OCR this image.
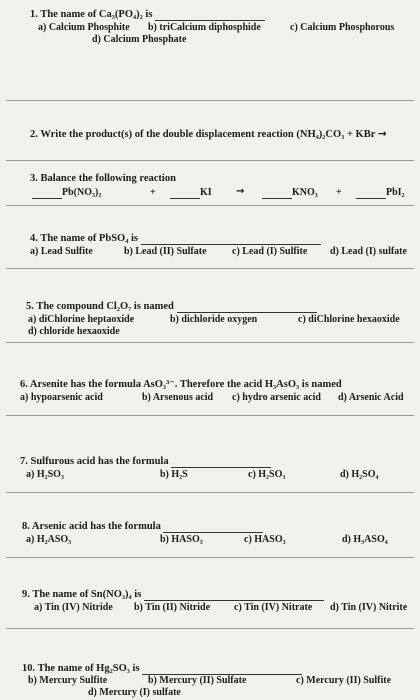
1. The name of Ca₃(PO₄)₂ is
a) Calcium Phosphite b) triCalcium diphosphide	c) Calcium Phosphorous
d) Calcium Phosphate
2. Write the product(s) of the double displacement reaction (NH₄)₂CO₃ + KBr →
3. Balance the following reaction
Pb(NO₃)₂	+	KI →	KNO₃ +	PbI₂
4. The name of PbSO₄ is
a) Lead Sulfite	b) Lead (II) Sulfate	c) Lead (I) Sulfite d) Lead (I) sulfate
5. The compound Cl₂O₇ is named
a) diChlorine heptaoxide	b) dichloride oxygen	c) diChlorine hexaoxide
d) chloride hexaoxide
6. Arsenite has the formula AsO₃³⁻. Therefore the acid H₃AsO₃ is named
a) hypoarsenic acid	b) Arsenous acid c) hydro arsenic acid d) Arsenic Acid
7. Sulfurous acid has the formula
a) H₂SO₃	b) H₂S	c) H₂SO₃	d) H₂SO₄
8. Arsenic acid has the formula
a) H₂ASO₃	b) HASO₃	c) HASO₃	d) H₃ASO₄
9. The name of Sn(NO₃)₄ is
a) Tin (IV) Nitride b) Tin (II) Nitride c) Tin (IV) Nitrate d) Tin (IV) Nitrite
10. The name of Hg₂SO₃ is
b) Mercury Sulfite	b) Mercury (II) Sulfate	c) Mercury (II) Sulfite
d) Mercury (I) sulfate
